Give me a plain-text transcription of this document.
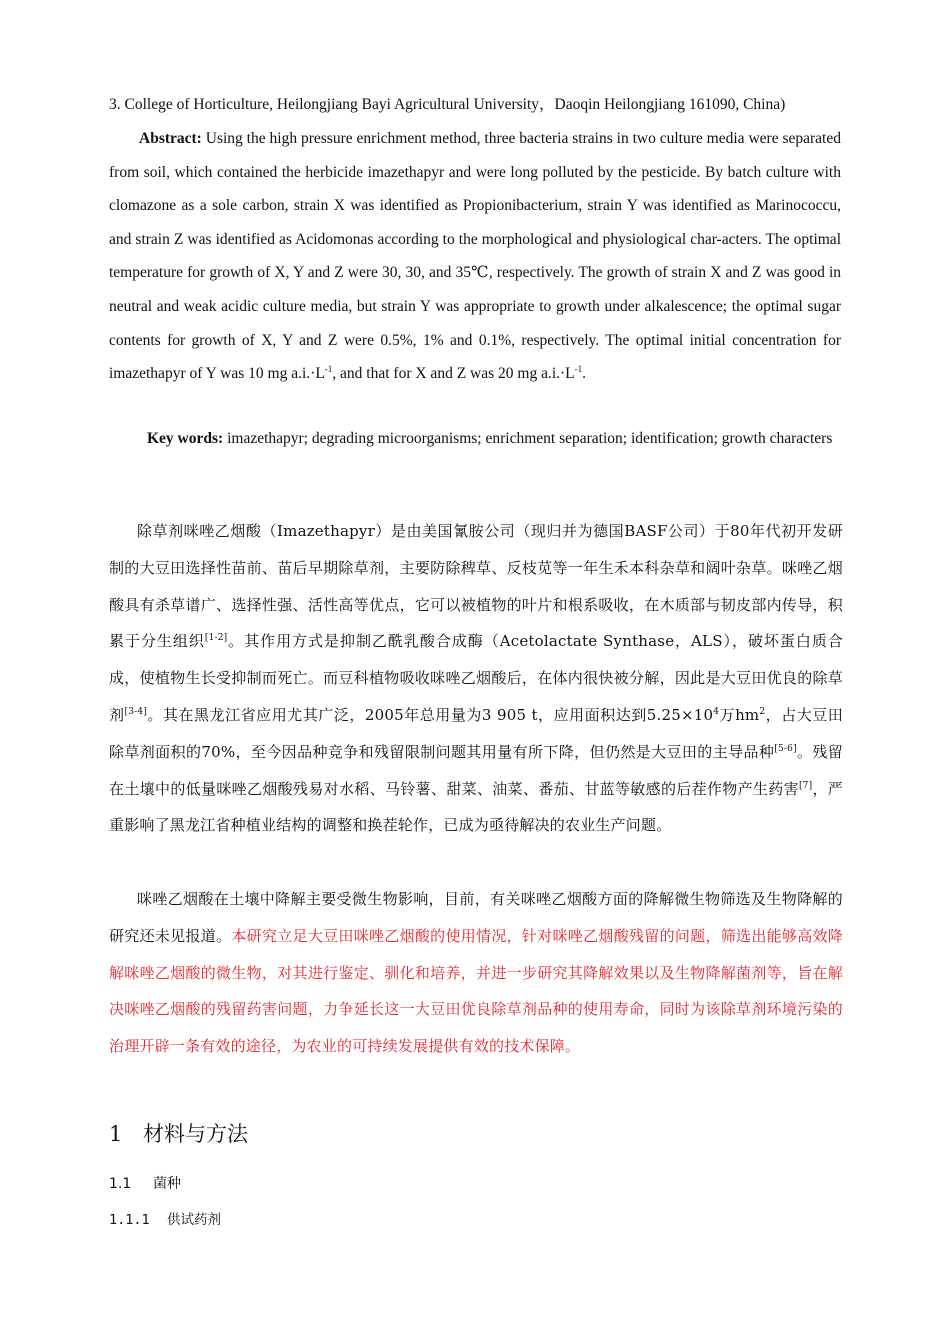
3. College of Horticulture, Heilongjiang Bayi Agricultural University，Daoqin Heilongjiang 161090, China)
Abstract: Using the high pressure enrichment method, three bacteria strains in two culture media were separated from soil, which contained the herbicide imazethapyr and were long polluted by the pesticide. By batch culture with clomazone as a sole carbon, strain X was identified as Propionibacterium, strain Y was identified as Marinococcu, and strain Z was identified as Acidomonas according to the morphological and physiological char-acters. The optimal temperature for growth of X, Y and Z were 30, 30, and 35℃, respectively. The growth of strain X and Z was good in neutral and weak acidic culture media, but strain Y was appropriate to growth under alkalescence; the optimal sugar contents for growth of X, Y and Z were 0.5%, 1% and 0.1%, respectively. The optimal initial concentration for imazethapyr of Y was 10 mg $a.i.\cdot L^{-1}$, and that for X and Z was 20 mg $a.i.\cdot L^{-1}$.
Key words: imazethapyr; degrading microorganisms; enrichment separation; identification; growth characters
除草剂咪唑乙烟酸（Imazethapyr）是由美国氰胺公司（现归并为德国BASF公司）于80年代初开发研制的大豆田选择性苗前、苗后早期除草剂，主要防除稗草、反枝苋等一年生禾本科杂草和阔叶杂草。咪唑乙烟酸具有杀草谱广、选择性强、活性高等优点，它可以被植物的叶片和根系吸收，在木质部与韧皮部内传导，积累于分生组织[1-2]。其作用方式是抑制乙酰乳酸合成酶（Acetolactate Synthase，ALS），破坏蛋白质合成，使植物生长受抑制而死亡。而豆科植物吸收咪唑乙烟酸后，在体内很快被分解，因此是大豆田优良的除草剂[3-4]。其在黑龙江省应用尤其广泛，2005年总用量为3 905 t，应用面积达到$5.25\times 10^4$万$hm^2$，占大豆田除草剂面积的70%，至今因品种竞争和残留限制问题其用量有所下降，但仍然是大豆田的主导品种[5-6]。残留在土壤中的低量咪唑乙烟酸残易对水稻、马铃薯、甜菜、油菜、番茄、甘蓝等敏感的后茬作物产生药害[7]，严重影响了黑龙江省种植业结构的调整和换茬轮作，已成为亟待解决的农业生产问题。
咪唑乙烟酸在土壤中降解主要受微生物影响，目前，有关咪唑乙烟酸方面的降解微生物筛选及生物降解的研究还未见报道。本研究立足大豆田咪唑乙烟酸的使用情况，针对咪唑乙烟酸残留的问题，筛选出能够高效降解咪唑乙烟酸的微生物，对其进行鉴定、驯化和培养，并进一步研究其降解效果以及生物降解菌剂等，旨在解决咪唑乙烟酸的残留药害问题，力争延长这一大豆田优良除草剂品种的使用寿命，同时为该除草剂环境污染的治理开辟一条有效的途径，为农业的可持续发展提供有效的技术保障。
1 材料与方法
1.1 菌种
1.1.1 供试药剂
